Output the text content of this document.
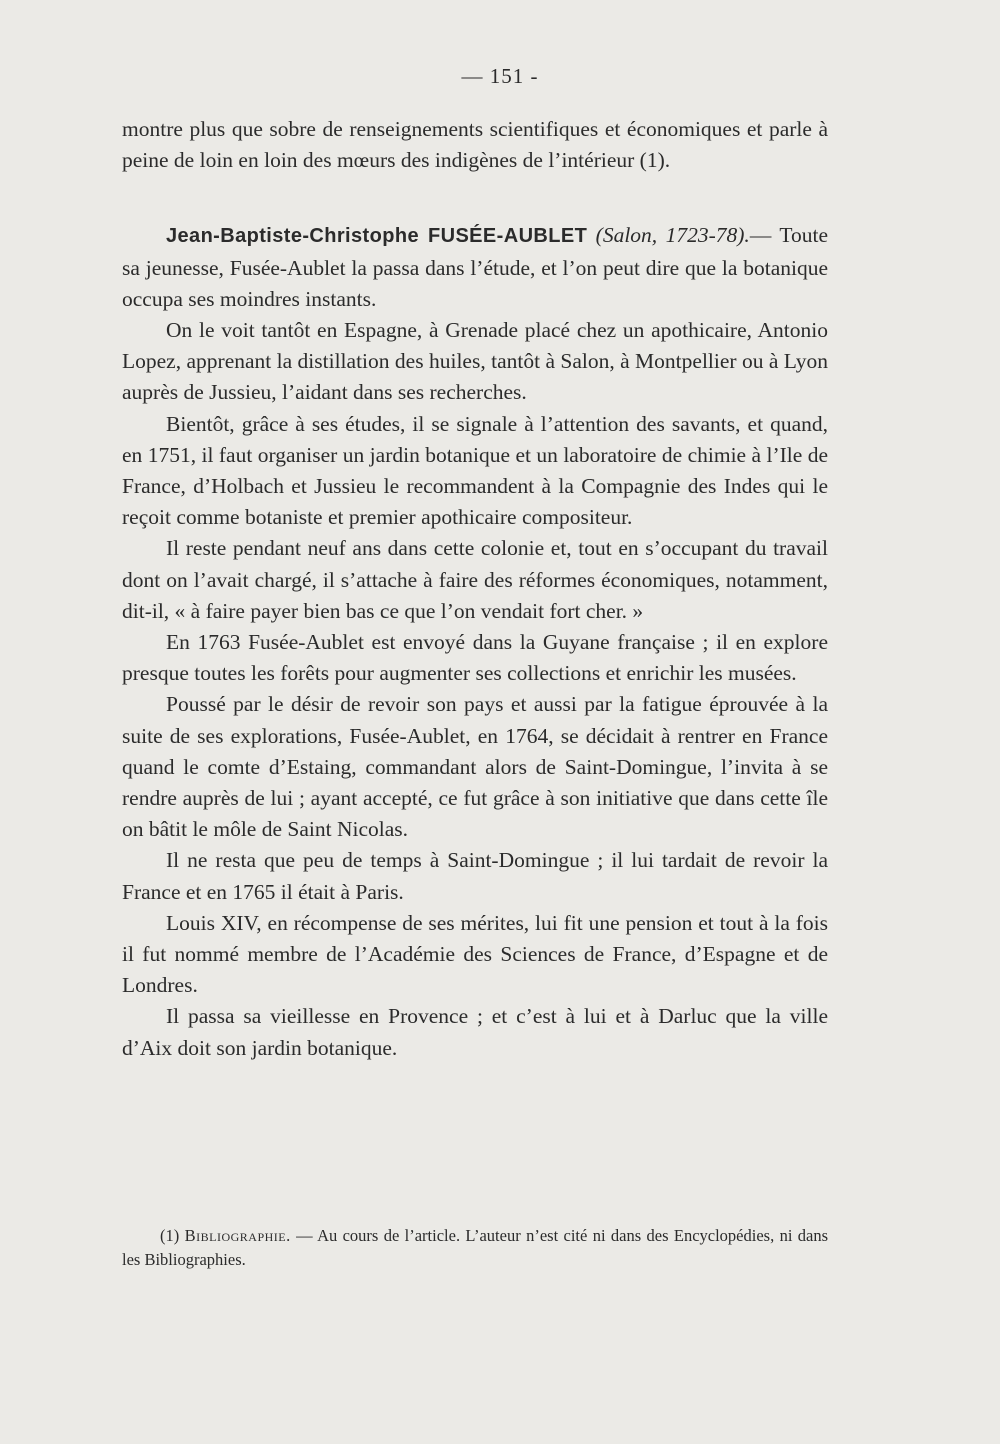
— 151 -

montre plus que sobre de renseignements scientifiques et économiques et parle à peine de loin en loin des mœurs des indigènes de l’intérieur (1).

Jean-Baptiste-Christophe FUSÉE-AUBLET (Salon, 1723-78).— Toute sa jeunesse, Fusée-Aublet la passa dans l’étude, et l’on peut dire que la botanique occupa ses moindres instants.

On le voit tantôt en Espagne, à Grenade placé chez un apothicaire, Antonio Lopez, apprenant la distillation des huiles, tantôt à Salon, à Montpellier ou à Lyon auprès de Jussieu, l’aidant dans ses recherches.

Bientôt, grâce à ses études, il se signale à l’attention des savants, et quand, en 1751, il faut organiser un jardin botanique et un laboratoire de chimie à l’Ile de France, d’Holbach et Jussieu le recommandent à la Compagnie des Indes qui le reçoit comme botaniste et premier apothicaire compositeur.

Il reste pendant neuf ans dans cette colonie et, tout en s’occupant du travail dont on l’avait chargé, il s’attache à faire des réformes économiques, notamment, dit-il, « à faire payer bien bas ce que l’on vendait fort cher. »

En 1763 Fusée-Aublet est envoyé dans la Guyane française ; il en explore presque toutes les forêts pour augmenter ses collections et enrichir les musées.

Poussé par le désir de revoir son pays et aussi par la fatigue éprouvée à la suite de ses explorations, Fusée-Aublet, en 1764, se décidait à rentrer en France quand le comte d’Estaing, commandant alors de Saint-Domingue, l’invita à se rendre auprès de lui ; ayant accepté, ce fut grâce à son initiative que dans cette île on bâtit le môle de Saint Nicolas.

Il ne resta que peu de temps à Saint-Domingue ; il lui tardait de revoir la France et en 1765 il était à Paris.

Louis XIV, en récompense de ses mérites, lui fit une pension et tout à la fois il fut nommé membre de l’Académie des Sciences de France, d’Espagne et de Londres.

Il passa sa vieillesse en Provence ; et c’est à lui et à Darluc que la ville d’Aix doit son jardin botanique.

(1) Bibliographie. — Au cours de l’article. L’auteur n’est cité ni dans des Encyclopédies, ni dans les Bibliographies.
